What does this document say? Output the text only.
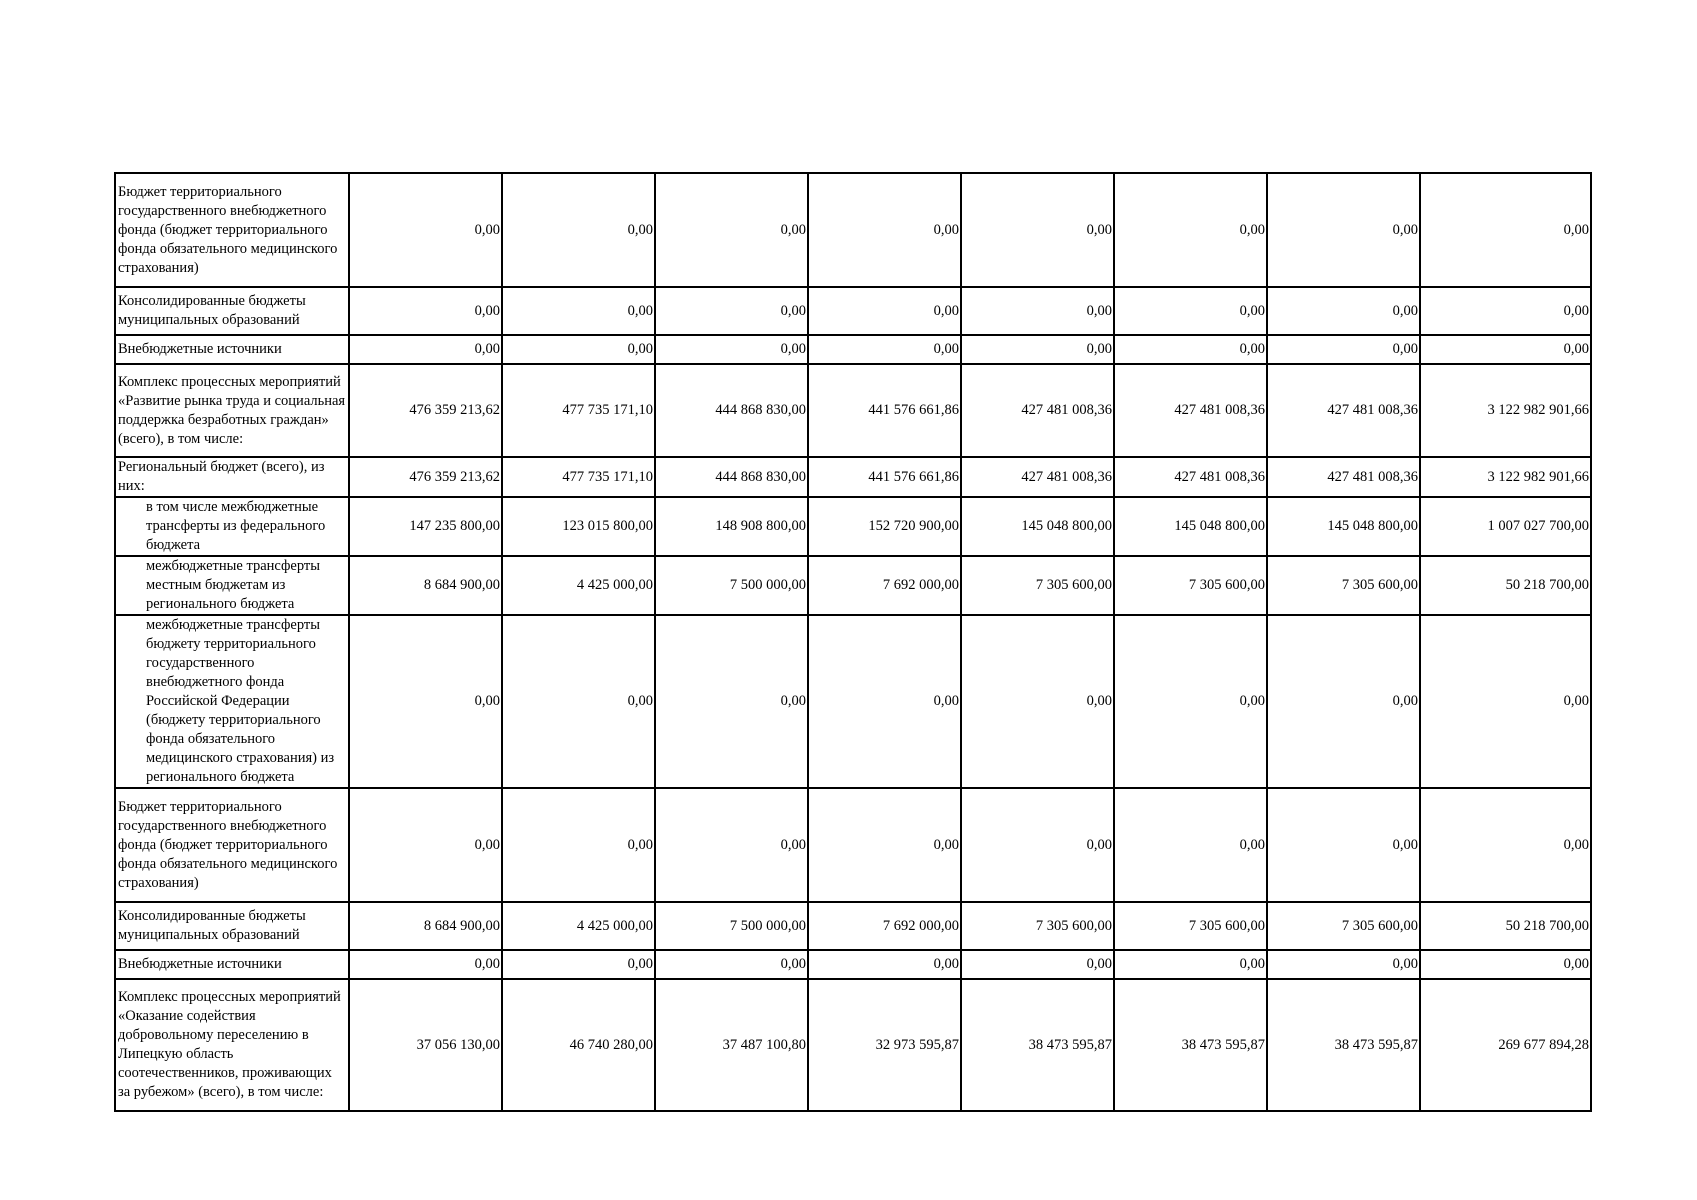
Бюджет территориального государственного внебюджетного фонда (бюджет территориального фонда обязательного медицинского страхования)	0,00	0,00	0,00	0,00	0,00	0,00	0,00	0,00
Консолидированные бюджеты муниципальных образований	0,00	0,00	0,00	0,00	0,00	0,00	0,00	0,00
Внебюджетные источники	0,00	0,00	0,00	0,00	0,00	0,00	0,00	0,00
Комплекс процессных мероприятий «Развитие рынка труда и социальная поддержка безработных граждан» (всего), в том числе:	476 359 213,62	477 735 171,10	444 868 830,00	441 576 661,86	427 481 008,36	427 481 008,36	427 481 008,36	3 122 982 901,66
Региональный бюджет (всего), из них:	476 359 213,62	477 735 171,10	444 868 830,00	441 576 661,86	427 481 008,36	427 481 008,36	427 481 008,36	3 122 982 901,66
в том числе межбюджетные трансферты из федерального бюджета	147 235 800,00	123 015 800,00	148 908 800,00	152 720 900,00	145 048 800,00	145 048 800,00	145 048 800,00	1 007 027 700,00
межбюджетные трансферты местным бюджетам из регионального бюджета	8 684 900,00	4 425 000,00	7 500 000,00	7 692 000,00	7 305 600,00	7 305 600,00	7 305 600,00	50 218 700,00
межбюджетные трансферты бюджету территориального государственного внебюджетного фонда Российской Федерации (бюджету территориального фонда обязательного медицинского страхования) из регионального бюджета	0,00	0,00	0,00	0,00	0,00	0,00	0,00	0,00
Бюджет территориального государственного внебюджетного фонда (бюджет территориального фонда обязательного медицинского страхования)	0,00	0,00	0,00	0,00	0,00	0,00	0,00	0,00
Консолидированные бюджеты муниципальных образований	8 684 900,00	4 425 000,00	7 500 000,00	7 692 000,00	7 305 600,00	7 305 600,00	7 305 600,00	50 218 700,00
Внебюджетные источники	0,00	0,00	0,00	0,00	0,00	0,00	0,00	0,00
Комплекс процессных мероприятий «Оказание содействия добровольному переселению в Липецкую область соотечественников, проживающих за рубежом» (всего), в том числе:	37 056 130,00	46 740 280,00	37 487 100,80	32 973 595,87	38 473 595,87	38 473 595,87	38 473 595,87	269 677 894,28
